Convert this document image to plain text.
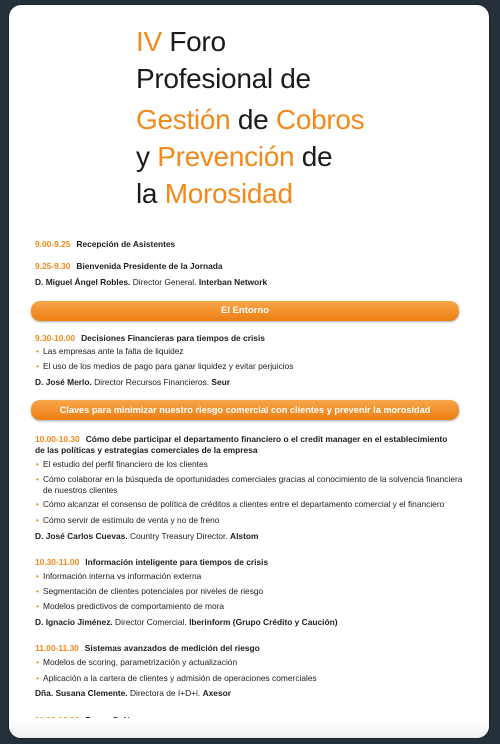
IV Foro
Profesional de
Gestión de Cobros
y Prevención de
la Morosidad
9.00-9.25 Recepción de Asistentes
9.25-9.30 Bienvenida Presidente de la Jornada
D. Miguel Ángel Robles. Director General. Interban Network
El Entorno
9.30-10.00 Decisiones Financieras para tiempos de crisis
• Las empresas ante la falta de liquidez
• El uso de los medios de pago para ganar liquidez y evitar perjuicios
D. José Merlo. Director Recursos Financieros. Seur
Claves para minimizar nuestro riesgo comercial con clientes y prevenir la morosidad
10.00-10.30 Cómo debe participar el departamento financiero o el credit manager en el establecimiento de las políticas y estrategias comerciales de la empresa
• El estudio del perfil financiero de los clientes
• Cómo colaborar en la búsqueda de oportunidades comerciales gracias al conocimiento de la solvencia financiera de nuestros clientes
• Cómo alcanzar el consenso de política de créditos a clientes entre el departamento comercial y el financiero
• Cómo servir de estímulo de venta y no de freno
D. José Carlos Cuevas. Country Treasury Director. Alstom
10.30-11.00 Información inteligente para tiempos de crisis
• Información interna vs información externa
• Segmentación de clientes potenciales por niveles de riesgo
• Modelos predictivos de comportamiento de mora
D. Ignacio Jiménez. Director Comercial. Iberinform (Grupo Crédito y Caución)
11.00-11.30 Sistemas avanzados de medición del riesgo
• Modelos de scoring, parametrización y actualización
• Aplicación a la cartera de clientes y admisión de operaciones comerciales
Dña. Susana Clemente. Directora de I+D+i. Axesor
